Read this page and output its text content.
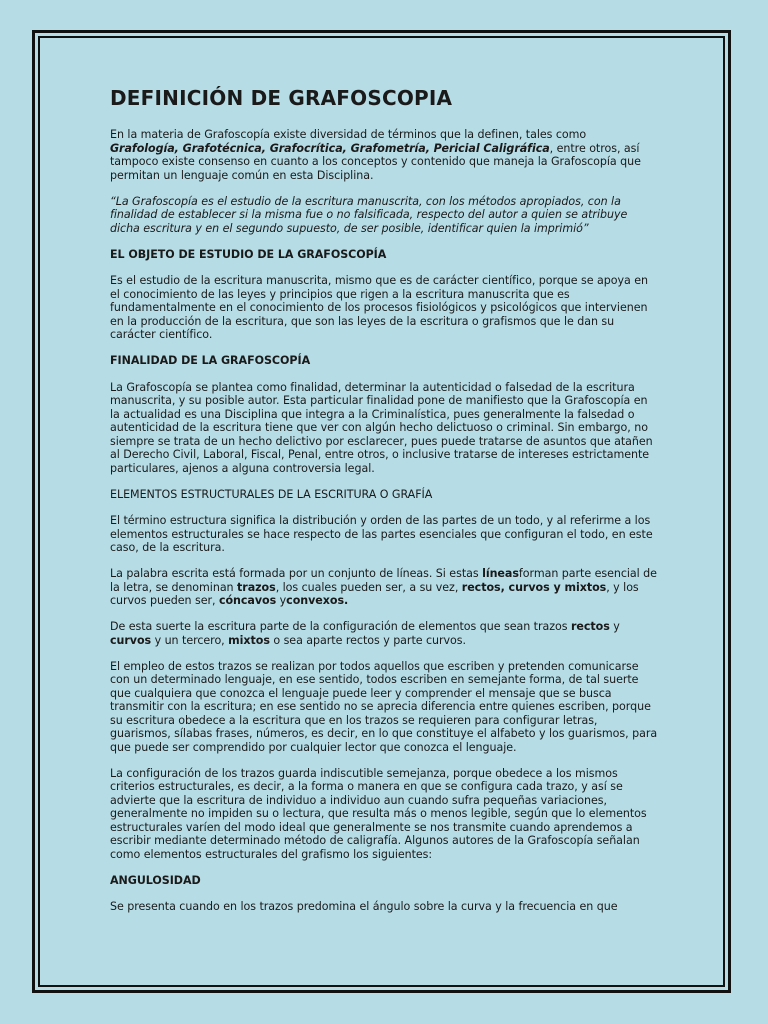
DEFINICIÓN DE GRAFOSCOPIA

En la materia de Grafoscopía existe diversidad de términos que la definen, tales como Grafología, Grafotécnica, Grafocrítica, Grafometría, Pericial Caligráfica, entre otros, así tampoco existe consenso en cuanto a los conceptos y contenido que maneja la Grafoscopía que permitan un lenguaje común en esta Disciplina.

“La Grafoscopía es el estudio de la escritura manuscrita, con los métodos apropiados, con la finalidad de establecer si la misma fue o no falsificada, respecto del autor a quien se atribuye dicha escritura y en el segundo supuesto, de ser posible, identificar quien la imprimió”

EL OBJETO DE ESTUDIO DE LA GRAFOSCOPÍA

Es el estudio de la escritura manuscrita, mismo que es de carácter científico, porque se apoya en el conocimiento de las leyes y principios que rigen a la escritura manuscrita que es fundamentalmente en el conocimiento de los procesos fisiológicos y psicológicos que intervienen en la producción de la escritura, que son las leyes de la escritura o grafismos que le dan su carácter científico.

FINALIDAD DE LA GRAFOSCOPÍA

La Grafoscopía se plantea como finalidad, determinar la autenticidad o falsedad de la escritura manuscrita, y su posible autor. Esta particular finalidad pone de manifiesto que la Grafoscopía en la actualidad es una Disciplina que integra a la Criminalística, pues generalmente la falsedad o autenticidad de la escritura tiene que ver con algún hecho delictuoso o criminal. Sin embargo, no siempre se trata de un hecho delictivo por esclarecer, pues puede tratarse de asuntos que atañen al Derecho Civil, Laboral, Fiscal, Penal, entre otros, o inclusive tratarse de intereses estrictamente particulares, ajenos a alguna controversia legal.

ELEMENTOS ESTRUCTURALES DE LA ESCRITURA O GRAFÍA

El término estructura significa la distribución y orden de las partes de un todo, y al referirme a los elementos estructurales se hace respecto de las partes esenciales que configuran el todo, en este caso, de la escritura.

La palabra escrita está formada por un conjunto de líneas. Si estas líneasforman parte esencial de la letra, se denominan trazos, los cuales pueden ser, a su vez, rectos, curvos y mixtos, y los curvos pueden ser, cóncavos yconvexos.

De esta suerte la escritura parte de la configuración de elementos que sean trazos rectos y curvos y un tercero, mixtos o sea aparte rectos y parte curvos.

El empleo de estos trazos se realizan por todos aquellos que escriben y pretenden comunicarse con un determinado lenguaje, en ese sentido, todos escriben en semejante forma, de tal suerte que cualquiera que conozca el lenguaje puede leer y comprender el mensaje que se busca transmitir con la escritura; en ese sentido no se aprecia diferencia entre quienes escriben, porque su escritura obedece a la escritura que en los trazos se requieren para configurar letras, guarismos, sílabas frases, números, es decir, en lo que constituye el alfabeto y los guarismos, para que puede ser comprendido por cualquier lector que conozca el lenguaje.

La configuración de los trazos guarda indiscutible semejanza, porque obedece a los mismos criterios estructurales, es decir, a la forma o manera en que se configura cada trazo, y así se advierte que la escritura de individuo a individuo aun cuando sufra pequeñas variaciones, generalmente no impiden su o lectura, que resulta más o menos legible, según que lo elementos estructurales varíen del modo ideal que generalmente se nos transmite cuando aprendemos a escribir mediante determinado método de caligrafía. Algunos autores de la Grafoscopía señalan como elementos estructurales del grafismo los siguientes:

ANGULOSIDAD

Se presenta cuando en los trazos predomina el ángulo sobre la curva y la frecuencia en que
